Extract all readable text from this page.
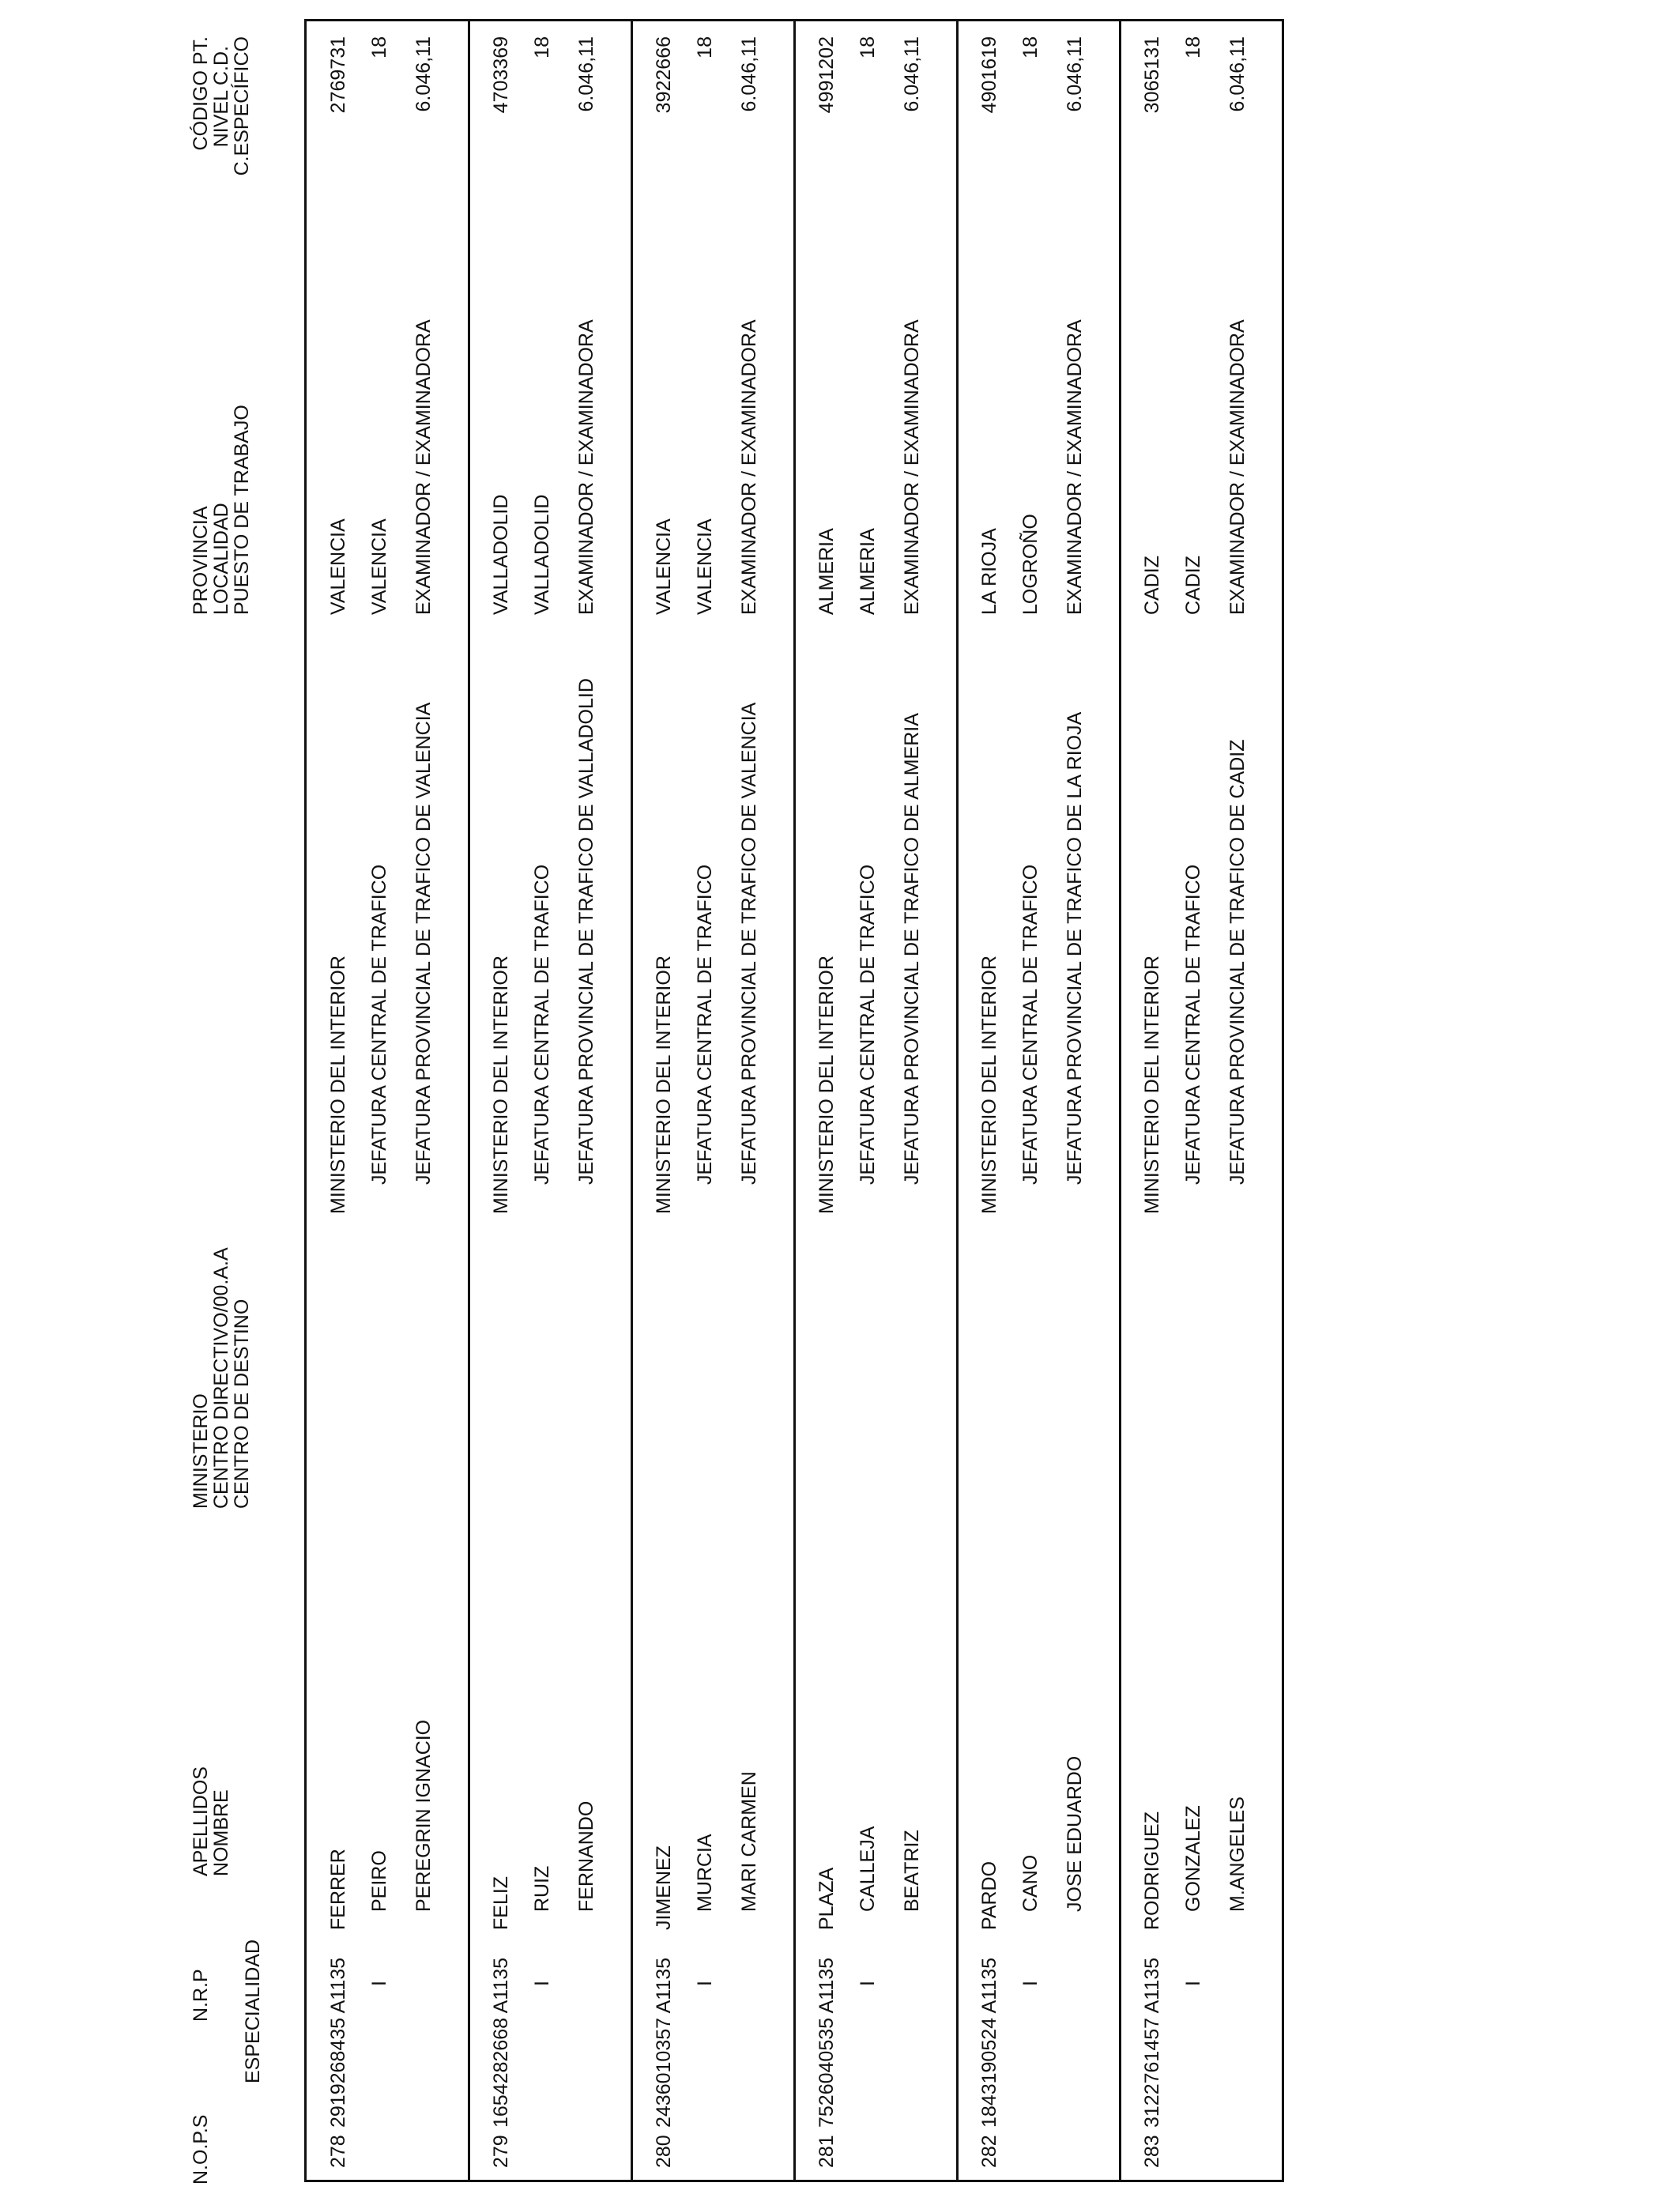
N.O.P.S
N.R.P ESPECIALIDAD
APELLIDOS
NOMBRE
MINISTERIO
CENTRO DIRECTIVO/00.A.A
CENTRO DE DESTINO
PROVINCIA
LOCALIDAD
PUESTO DE TRABAJO
CÓDIGO PT.
NIVEL C.D.
C.ESPECÍFICO
278
2919268435 A1135 I
FERRER PEIRO PEREGRIN IGNACIO
MINISTERIO DEL INTERIOR JEFATURA CENTRAL DE TRAFICO JEFATURA PROVINCIAL DE TRAFICO DE VALENCIA
VALENCIA VALENCIA EXAMINADOR / EXAMINADORA
2769731 18 6.046,11
279
1654282668 A1135 I
FELIZ RUIZ FERNANDO
MINISTERIO DEL INTERIOR JEFATURA CENTRAL DE TRAFICO JEFATURA PROVINCIAL DE TRAFICO DE VALLADOLID
VALLADOLID VALLADOLID EXAMINADOR / EXAMINADORA
4703369 18 6.046,11
280
2436010357 A1135 I
JIMENEZ MURCIA MARI CARMEN
MINISTERIO DEL INTERIOR JEFATURA CENTRAL DE TRAFICO JEFATURA PROVINCIAL DE TRAFICO DE VALENCIA
VALENCIA VALENCIA EXAMINADOR / EXAMINADORA
3922666 18 6.046,11
281
7526040535 A1135 I
PLAZA CALLEJA BEATRIZ
MINISTERIO DEL INTERIOR JEFATURA CENTRAL DE TRAFICO JEFATURA PROVINCIAL DE TRAFICO DE ALMERIA
ALMERIA ALMERIA EXAMINADOR / EXAMINADORA
4991202 18 6.046,11
282
1843190524 A1135 I
PARDO CANO JOSE EDUARDO
MINISTERIO DEL INTERIOR JEFATURA CENTRAL DE TRAFICO JEFATURA PROVINCIAL DE TRAFICO DE LA RIOJA
LA RIOJA LOGROÑO EXAMINADOR / EXAMINADORA
4901619 18 6.046,11
283
3122761457 A1135 I
RODRIGUEZ GONZALEZ M.ANGELES
MINISTERIO DEL INTERIOR JEFATURA CENTRAL DE TRAFICO JEFATURA PROVINCIAL DE TRAFICO DE CADIZ
CADIZ CADIZ EXAMINADOR / EXAMINADORA
3065131 18 6.046,11
